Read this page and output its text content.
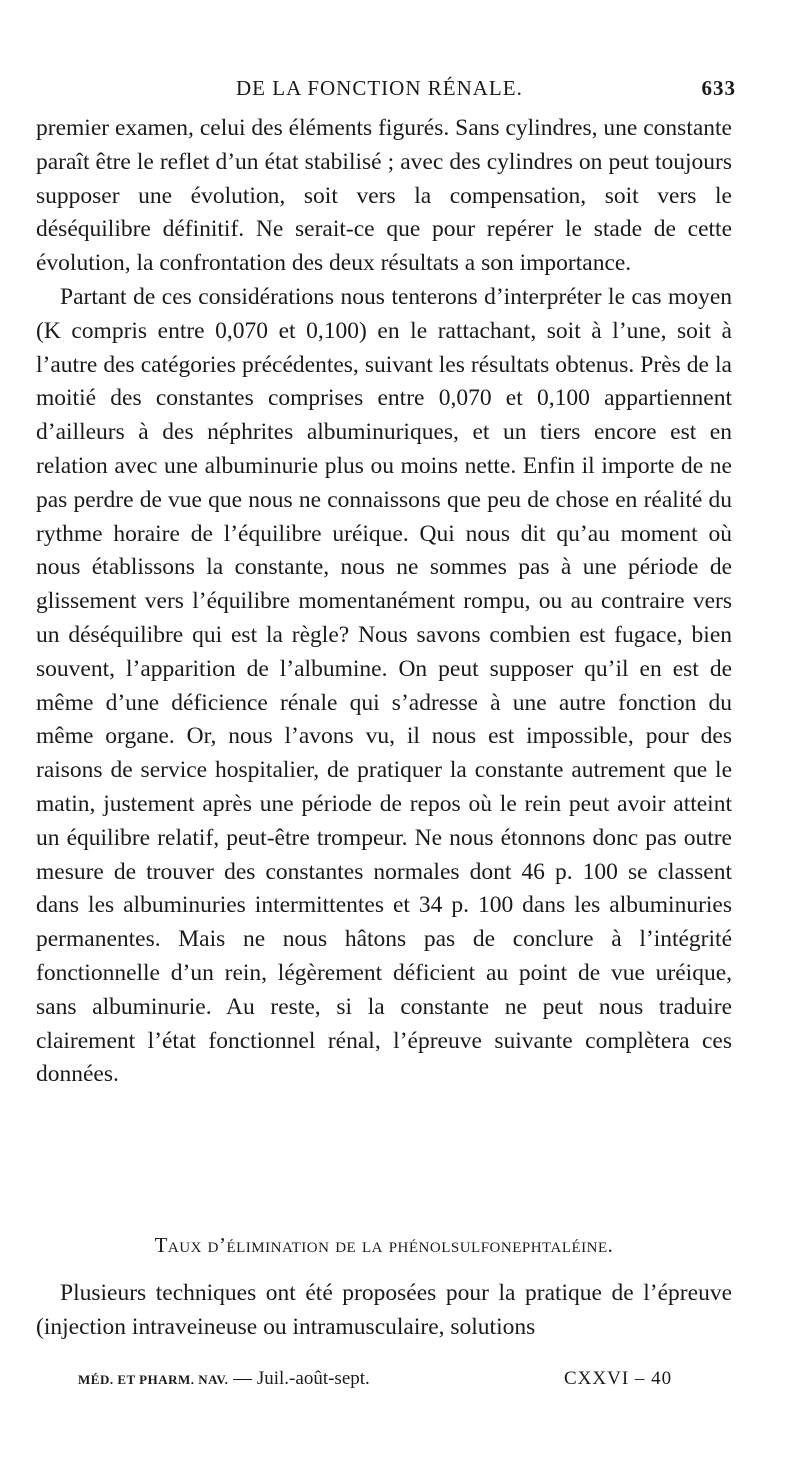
DE LA FONCTION RÉNALE.	633

premier examen, celui des éléments figurés. Sans cylindres, une constante paraît être le reflet d’un état stabilisé ; avec des cylindres on peut toujours supposer une évolution, soit vers la compensation, soit vers le déséquilibre définitif. Ne serait-ce que pour repérer le stade de cette évolution, la confrontation des deux résultats a son importance.

Partant de ces considérations nous tenterons d’interpréter le cas moyen (K compris entre 0,070 et 0,100) en le rattachant, soit à l’une, soit à l’autre des catégories précédentes, suivant les résultats obtenus. Près de la moitié des constantes comprises entre 0,070 et 0,100 appartiennent d’ailleurs à des néphrites albuminuriques, et un tiers encore est en relation avec une albuminurie plus ou moins nette. Enfin il importe de ne pas perdre de vue que nous ne connaissons que peu de chose en réalité du rythme horaire de l’équilibre uréique. Qui nous dit qu’au moment où nous établissons la constante, nous ne sommes pas à une période de glissement vers l’équilibre momentanément rompu, ou au contraire vers un déséquilibre qui est la règle? Nous savons combien est fugace, bien souvent, l’apparition de l’albumine. On peut supposer qu’il en est de même d’une déficience rénale qui s’adresse à une autre fonction du même organe. Or, nous l’avons vu, il nous est impossible, pour des raisons de service hospitalier, de pratiquer la constante autrement que le matin, justement après une période de repos où le rein peut avoir atteint un équilibre relatif, peut-être trompeur. Ne nous étonnons donc pas outre mesure de trouver des constantes normales dont 46 p. 100 se classent dans les albuminuries intermittentes et 34 p. 100 dans les albuminuries permanentes. Mais ne nous hâtons pas de conclure à l’intégrité fonctionnelle d’un rein, légèrement déficient au point de vue uréique, sans albuminurie. Au reste, si la constante ne peut nous traduire clairement l’état fonctionnel rénal, l’épreuve suivante complètera ces données.

Taux d’élimination de la phénolsulfonephtaléine.

Plusieurs techniques ont été proposées pour la pratique de l’épreuve (injection intraveineuse ou intramusculaire, solutions

MÉD. ET PHARM. NAV. — Juil.-août-sept.	CXXVI – 40
